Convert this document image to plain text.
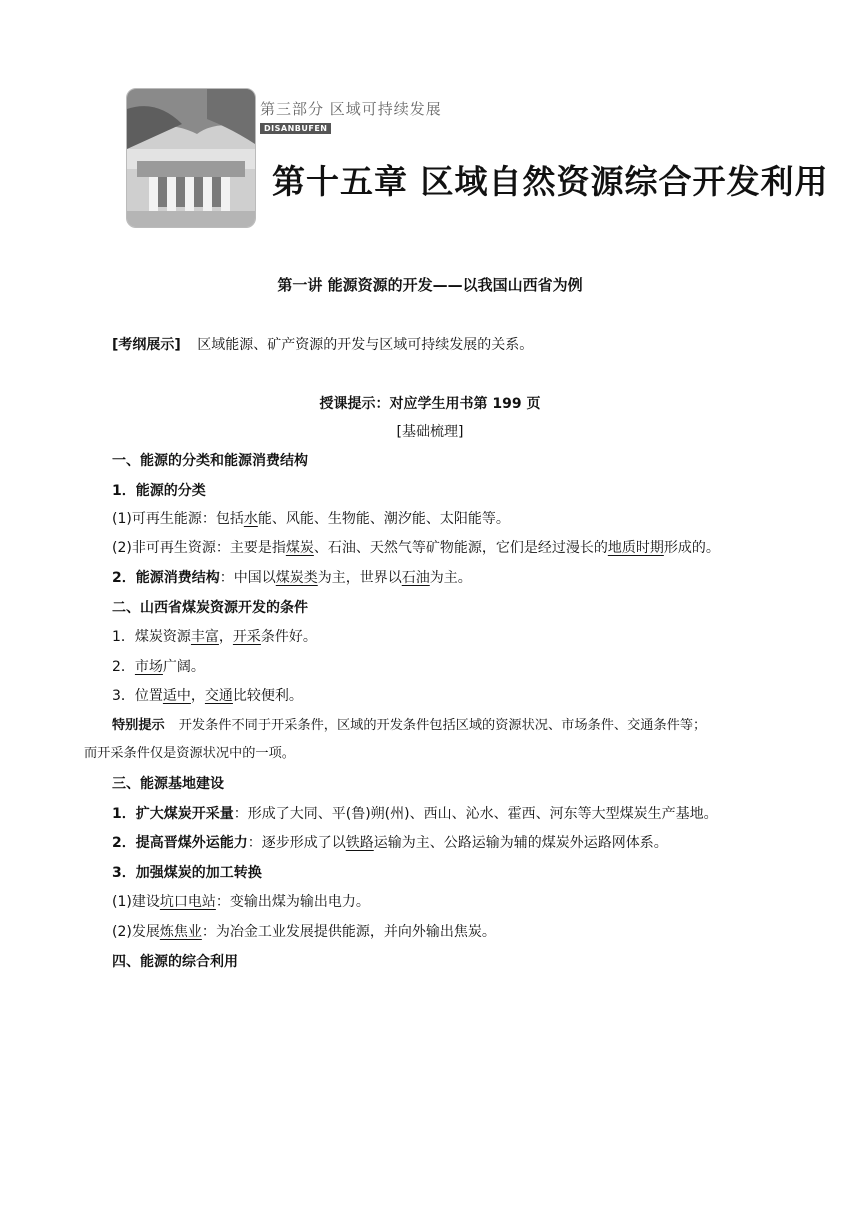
第三部分 区域可持续发展
DISANBUFEN
第十五章 区域自然资源综合开发利用
第一讲 能源资源的开发——以我国山西省为例
[考纲展示] 区域能源、矿产资源的开发与区域可持续发展的关系。
授课提示：对应学生用书第 199 页
[基础梳理]
一、能源的分类和能源消费结构
1．能源的分类
(1)可再生能源：包括水能、风能、生物能、潮汐能、太阳能等。
(2)非可再生资源：主要是指煤炭、石油、天然气等矿物能源，它们是经过漫长的地质时期形成的。
2．能源消费结构：中国以煤炭类为主，世界以石油为主。
二、山西省煤炭资源开发的条件
1．煤炭资源丰富，开采条件好。
2．市场广阔。
3．位置适中，交通比较便利。
特别提示 开发条件不同于开采条件，区域的开发条件包括区域的资源状况、市场条件、交通条件等；
而开采条件仅是资源状况中的一项。
三、能源基地建设
1．扩大煤炭开采量：形成了大同、平(鲁)朔(州)、西山、沁水、霍西、河东等大型煤炭生产基地。
2．提高晋煤外运能力：逐步形成了以铁路运输为主、公路运输为辅的煤炭外运路网体系。
3．加强煤炭的加工转换
(1)建设坑口电站：变输出煤为输出电力。
(2)发展炼焦业：为冶金工业发展提供能源，并向外输出焦炭。
四、能源的综合利用
